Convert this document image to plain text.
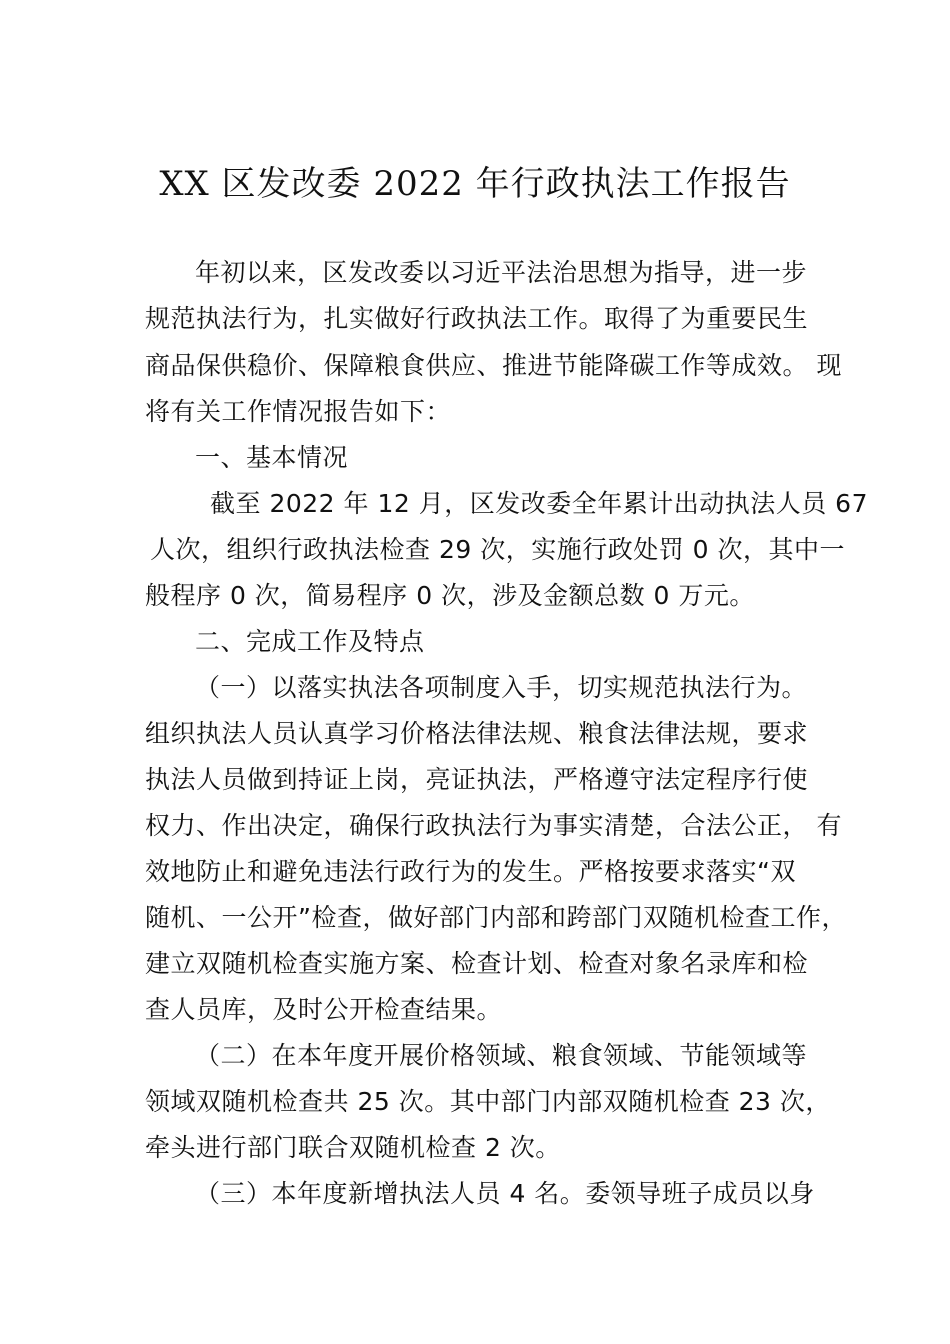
XX 区发改委 2022 年行政执法工作报告
年初以来，区发改委以习近平法治思想为指导，进一步
规范执法行为，扎实做好行政执法工作。取得了为重要民生
商品保供稳价、保障粮食供应、推进节能降碳工作等成效。 现
将有关工作情况报告如下：
一、基本情况
截至 2022 年 12 月，区发改委全年累计出动执法人员 67
人次，组织行政执法检查 29 次，实施行政处罚 0 次，其中一
般程序 0 次，简易程序 0 次，涉及金额总数 0 万元。
二、完成工作及特点
（一）以落实执法各项制度入手，切实规范执法行为。
组织执法人员认真学习价格法律法规、粮食法律法规，要求
执法人员做到持证上岗，亮证执法，严格遵守法定程序行使
权力、作出决定，确保行政执法行为事实清楚，合法公正， 有
效地防止和避免违法行政行为的发生。严格按要求落实“双
随机、一公开”检查，做好部门内部和跨部门双随机检查工作，
建立双随机检查实施方案、检查计划、检查对象名录库和检
查人员库，及时公开检查结果。
（二）在本年度开展价格领域、粮食领域、节能领域等
领域双随机检查共 25 次。其中部门内部双随机检查 23 次，
牵头进行部门联合双随机检查 2 次。
（三）本年度新增执法人员 4 名。委领导班子成员以身
